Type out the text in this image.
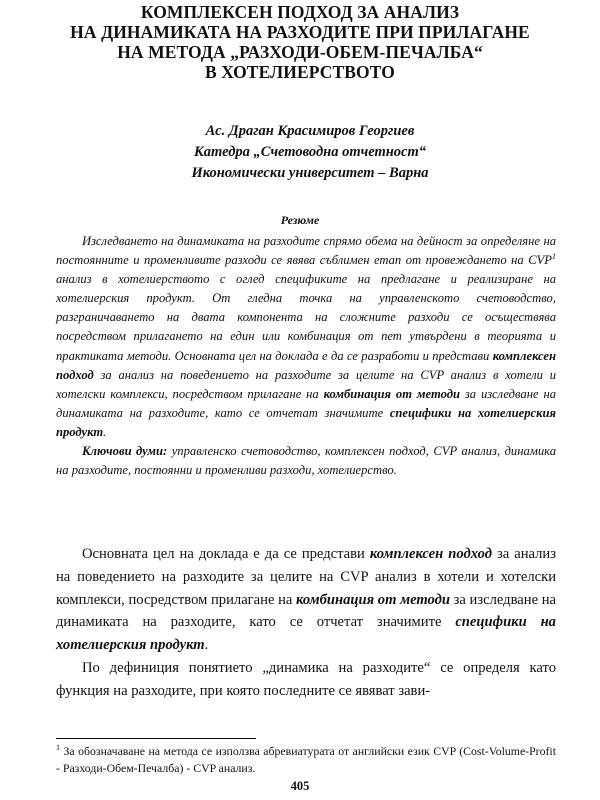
КОМПЛЕКСЕН ПОДХОД ЗА АНАЛИЗ
НА ДИНАМИКАТА НА РАЗХОДИТЕ ПРИ ПРИЛАГАНЕ
НА МЕТОДА „РАЗХОДИ-ОБЕМ-ПЕЧАЛБА“
В ХОТЕЛИЕРСТВОТО
Ас. Драган Красимиров Георгиев
Катедра „Счетоводна отчетност“
Икономически университет – Варна
Резюме

Изследването на динамиката на разходите спрямо обема на дейност за определяне на постоянните и променливите разходи се явява съблимен етап от провеждането на CVP$^1$ анализ в хотелиерството с оглед спецификите на предлагане и реализиране на хотелиерския продукт. От гледна точка на управленското счетоводство, разграничаването на двата компонента на сложните разходи се осъществява посредством прилагането на един или комбинация от пет утвърдени в теорията и практиката методи. Основната цел на доклада е да се разработи и представи комплексен подход за анализ на поведението на разходите за целите на CVP анализ в хотели и хотелски комплекси, посредством прилагане на комбинация от методи за изследване на динамиката на разходите, като се отчетат значимите специфики на хотелиерския продукт.

Ключови думи: управленско счетоводство, комплексен подход, CVP анализ, динамика на разходите, постоянни и променливи разходи, хотелиерство.

Основната цел на доклада е да се представи комплексен подход за анализ на поведението на разходите за целите на CVP анализ в хотели и хотелски комплекси, посредством прилагане на комбинация от методи за изследване на динамиката на разходите, като се отчетат значимите специфики на хотелиерския продукт.

По дефиниция понятието „динамика на разходите“ се определя като функция на разходите, при която последните се явяват зави-

$^1$ За обозначаване на метода се използва абревиатурата от английски език CVP (Cost-Volume-Profit - Разходи-Обем-Печалба) - CVP анализ.

405
